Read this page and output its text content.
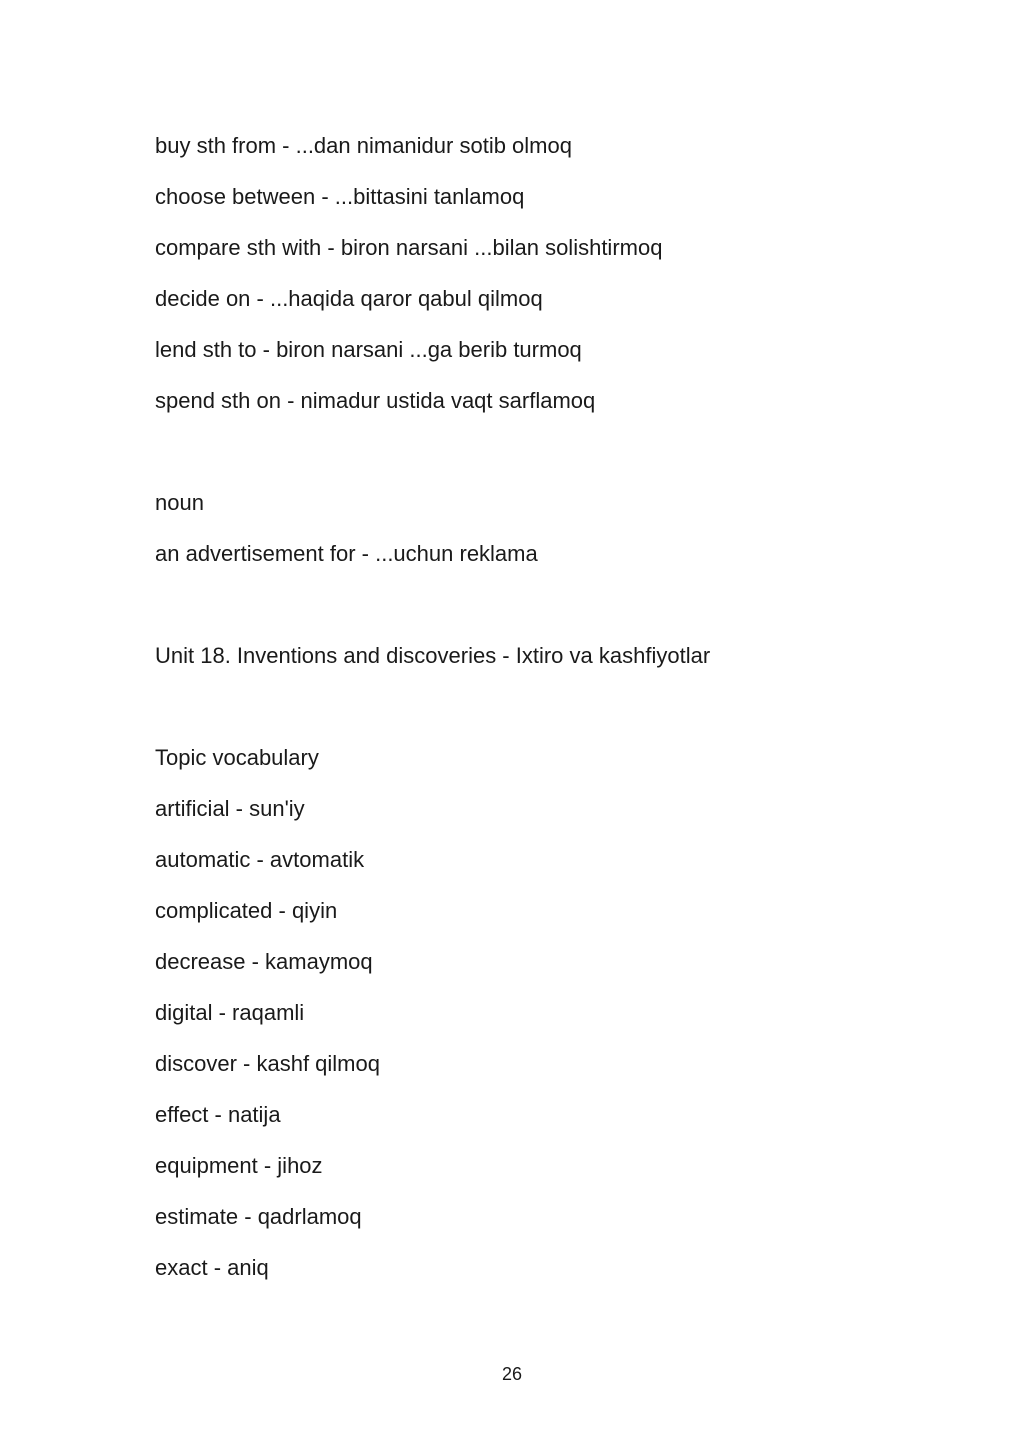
buy sth from - ...dan nimanidur sotib olmoq
choose between - ...bittasini tanlamoq
compare sth with - biron narsani ...bilan solishtirmoq
decide on - ...haqida qaror qabul qilmoq
lend sth to - biron narsani ...ga berib turmoq
spend sth on - nimadur ustida vaqt sarflamoq
noun
an advertisement for - ...uchun reklama
Unit 18. Inventions and discoveries - Ixtiro va kashfiyotlar
Topic vocabulary
artificial - sun'iy
automatic - avtomatik
complicated - qiyin
decrease - kamaymoq
digital - raqamli
discover - kashf qilmoq
effect - natija
equipment - jihoz
estimate - qadrlamoq
exact - aniq
26
